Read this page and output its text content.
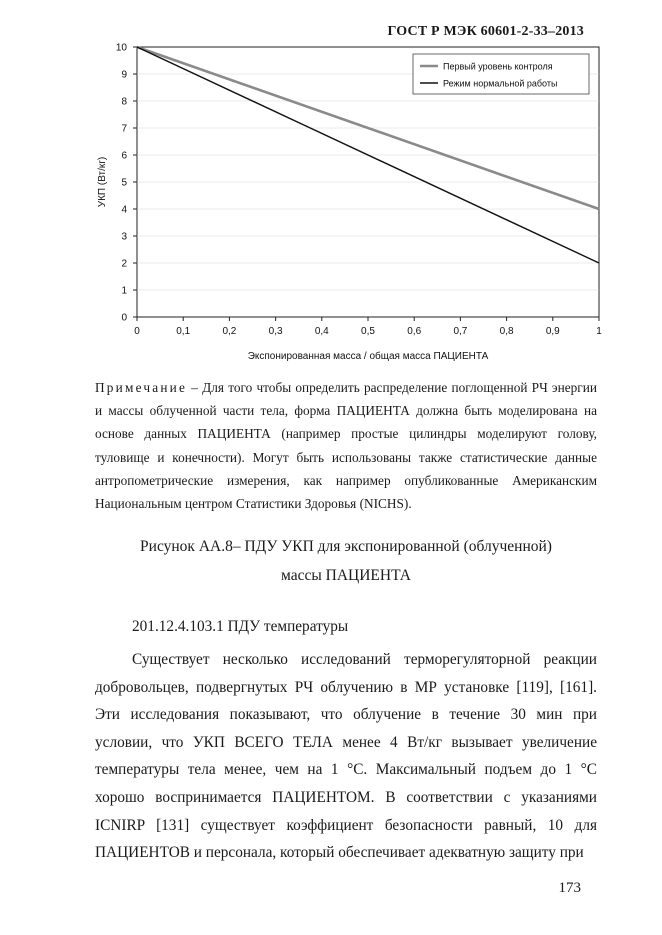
ГОСТ Р МЭК 60601-2-33–2013
0
1
2
3
4
5
6
7
8
9
10
0	0,1	0,2	0,3	0,4	0,5	0,6	0,7	0,8	0,9	1
Первый уровень контроля
Режим нормальной работы
Экспонированная масса / общая масса ПАЦИЕНТА
УКП (Вт/кг)
Примечание – Для того чтобы определить распределение поглощенной РЧ энергии и массы облученной части тела, форма ПАЦИЕНТА должна быть моделирована на основе данных ПАЦИЕНТА (например простые цилиндры моделируют голову, туловище и конечности). Могут быть использованы также статистические данные антропометрические измерения, как например опубликованные Американским Национальным центром Статистики Здоровья (NICHS).
Рисунок АА.8– ПДУ УКП для экспонированной (облученной)
массы ПАЦИЕНТА
201.12.4.103.1 ПДУ температуры
Существует несколько исследований терморегуляторной реакции добровольцев, подвергнутых РЧ облучению в МР установке [119], [161]. Эти исследования показывают, что облучение в течение 30 мин при условии, что УКП ВСЕГО ТЕЛА менее 4 Вт/кг вызывает увеличение температуры тела менее, чем на 1 °C. Максимальный подъем до 1 °C хорошо воспринимается ПАЦИЕНТОМ. В соответствии с указаниями ICNIRP [131] существует коэффициент безопасности равный, 10 для ПАЦИЕНТОВ и персонала, который обеспечивает адекватную защиту при
173
